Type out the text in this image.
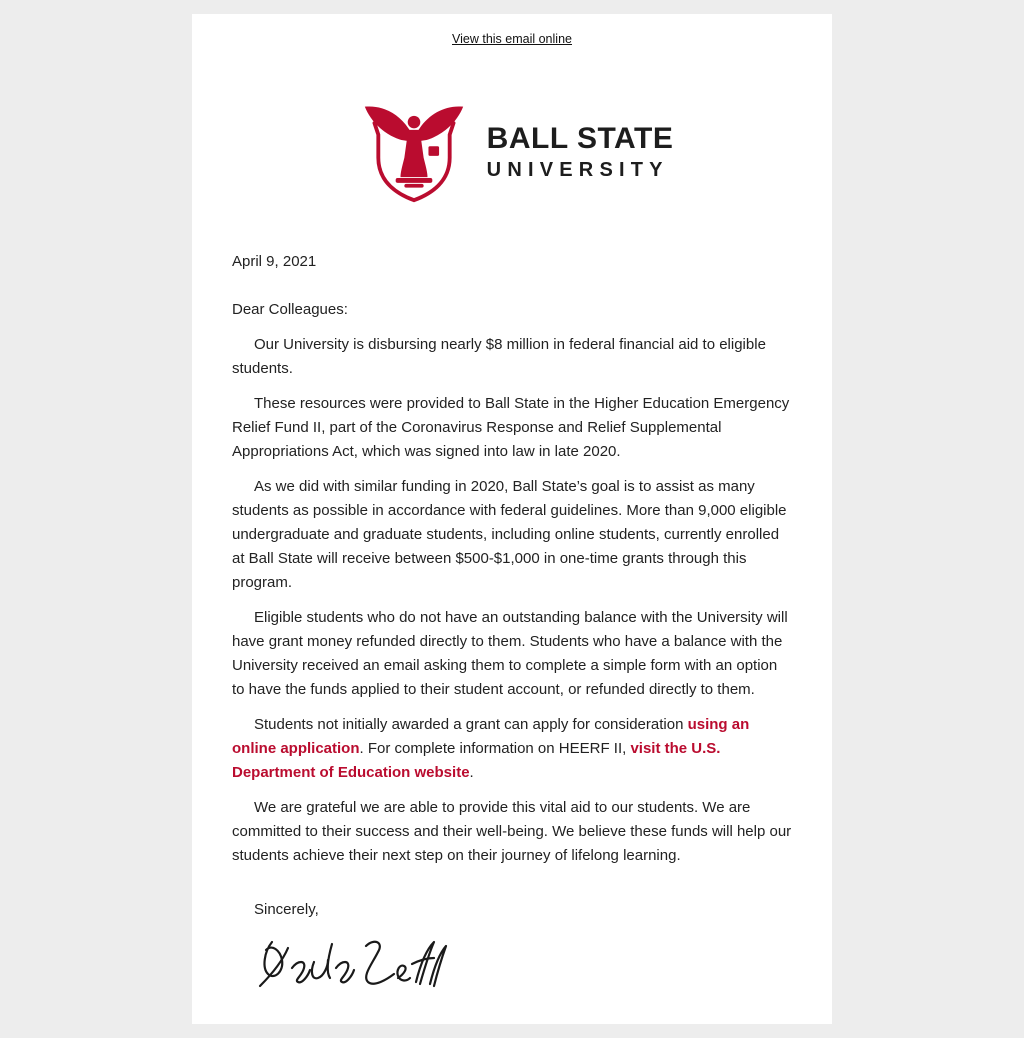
View this email online
BALL STATE
UNIVERSITY

April 9, 2021

Dear Colleagues:

Our University is disbursing nearly $8 million in federal financial aid to eligible students.

These resources were provided to Ball State in the Higher Education Emergency Relief Fund II, part of the Coronavirus Response and Relief Supplemental Appropriations Act, which was signed into law in late 2020.

As we did with similar funding in 2020, Ball State’s goal is to assist as many students as possible in accordance with federal guidelines. More than 9,000 eligible undergraduate and graduate students, including online students, currently enrolled at Ball State will receive between $500-$1,000 in one-time grants through this program.

Eligible students who do not have an outstanding balance with the University will have grant money refunded directly to them. Students who have a balance with the University received an email asking them to complete a simple form with an option to have the funds applied to their student account, or refunded directly to them.

Students not initially awarded a grant can apply for consideration using an online application. For complete information on HEERF II, visit the U.S. Department of Education website.

We are grateful we are able to provide this vital aid to our students. We are committed to their success and their well-being. We believe these funds will help our students achieve their next step on their journey of lifelong learning.

Sincerely,
